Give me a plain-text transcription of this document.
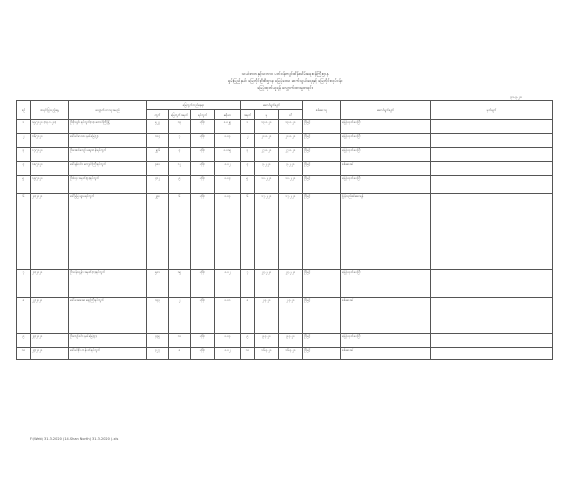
သယံဇာတနှင့်သဘာဝ ပတ်ဝန်းကျင်ထိန်းသိမ်းရေးဝန်ကြီးဌာန
ရှမ်းပြည်နယ်၊ မြေတိုင်းဦးစီးဌာန၊ မြေပုံဒေသ ဆက်သွယ်ရေးနှင့် မြေတိုင်းလုပ်ငန်း
မြေပုံထုတ်ယူရန် လျှောက်ထားမှုစာရင်း
၃၁.၃.၂၀
စဉ်	စာရင်းပြုသည့်နေ့	လျှောက်ထားသူအမည်	မြေကွက်တည်နေရာ				ဆောင်ရွက်ချက်			စစ်ဆေးသူ	ဆောင်ရွက်ချက်	မှတ်ချက်
			ကွက်	မြေကွက်အမှတ်	ရပ်ကွက်	ဧရိယာ	အမှတ်	မှ	ထိ			
၁	၁၅/၂၀၂၀ (၁၃.၁.၂၀)	ဦးစိုးလွင်၊ ရပ်ကွက်(၁)၊ တောင်ကြီးမြို့	၅၂၂	၁၃	ဟိုပုံး	၀.၀၂၅	၁	၁၃.၁.၂၀	၁၃.၁.၂၀	ဦးမြင့်	မြေပုံထုတ်ပေးပြီး	
၂	၁၆/၂၀၂၀	ဒေါ်ခင်မာလာ၊ နယ်မြေ(၂)	၁၁၄	၇	ဟိုပုံး	၀.၀၃	၂	၂၀.၁.၂၀	၂၀.၁.၂၀	ဦးမြင့်	မြေပုံထုတ်ပေးပြီး	
၃	၁၇/၂၀၂၀	ဦးအောင်ကျော်၊ ဈေးတန်းရပ်ကွက်	၂၅၆	၄	ဟိုပုံး	၀.၀၁၅	၃	၂၇.၁.၂၀	၂၇.၁.၂၀	ဦးမြင့်	မြေပုံထုတ်ပေးပြီး	
၄	၁၈/၂၀၂၀	ဒေါ်နန်းဝင်း၊ ကျောင်းကြီးရပ်ကွက်	၃၈၀	၁၂	ဟိုပုံး	၀.၀၂	၄	၃.၂.၂၀	၃.၂.၂၀	ဦးမြင့်	စစ်ဆေးဆဲ	
၅	၁၉/၂၀၂၀	ဦးစံလှ၊ အမှတ်(၃)ရပ်ကွက်	၄၁၂	၉	ဟိုပုံး	၀.၀၄	၅	၁၀.၂.၂၀	၁၀.၂.၂၀	ဦးမြင့်	မြေပုံထုတ်ပေးပြီး	
၆	၂၀/၂၀၂၀	ဒေါ်မြမြ၊ ရွာမရပ်ကွက်	၂၉၈	၆	ဟိုပုံး	၀.၀၃	၆	၁၇.၂.၂၀	၁၇.၂.၂၀	ဦးမြင့်	ပြန်လည်စစ်ဆေးရန်	
၇	၂၁/၂၀၂၀	ဦးသန်းထွန်း၊ အမှတ်(၁)ရပ်ကွက်	၅၀၁	၁၅	ဟိုပုံး	၀.၀၂	၇	၂၄.၂.၂၀	၂၄.၂.၂၀	ဦးမြင့်	မြေပုံထုတ်ပေးပြီး	
၈	၂၂/၂၀၂၀	ဒေါ်အေးအေး၊ ဈေးကြီးရပ်ကွက်	၁၃၃	၂	ဟိုပုံး	၀.၀၁	၈	၂.၃.၂၀	၂.၃.၂၀	ဦးမြင့်	စစ်ဆေးဆဲ	
၉	၂၃/၂၀၂၀	ဦးကျော်ဝင်း၊ နယ်မြေ(၄)	၄၄၅	၁၁	ဟိုပုံး	၀.၀၃	၉	၉.၃.၂၀	၉.၃.၂၀	ဦးမြင့်	မြေပုံထုတ်ပေးပြီး	
၁၀	၂၄/၂၀၂၀	ဒေါ်ခင်စိုး၊ ကန်ပတ်ရပ်ကွက်	၃၂၇	၈	ဟိုပုံး	၀.၀၂	၁၀	၁၆.၃.၂၀	၁၆.၃.၂၀	ဦးမြင့်	စစ်ဆေးဆဲ	
F:\Web\ 31.3.2020 (14.Shan North) 31.3.2020 (.xls
